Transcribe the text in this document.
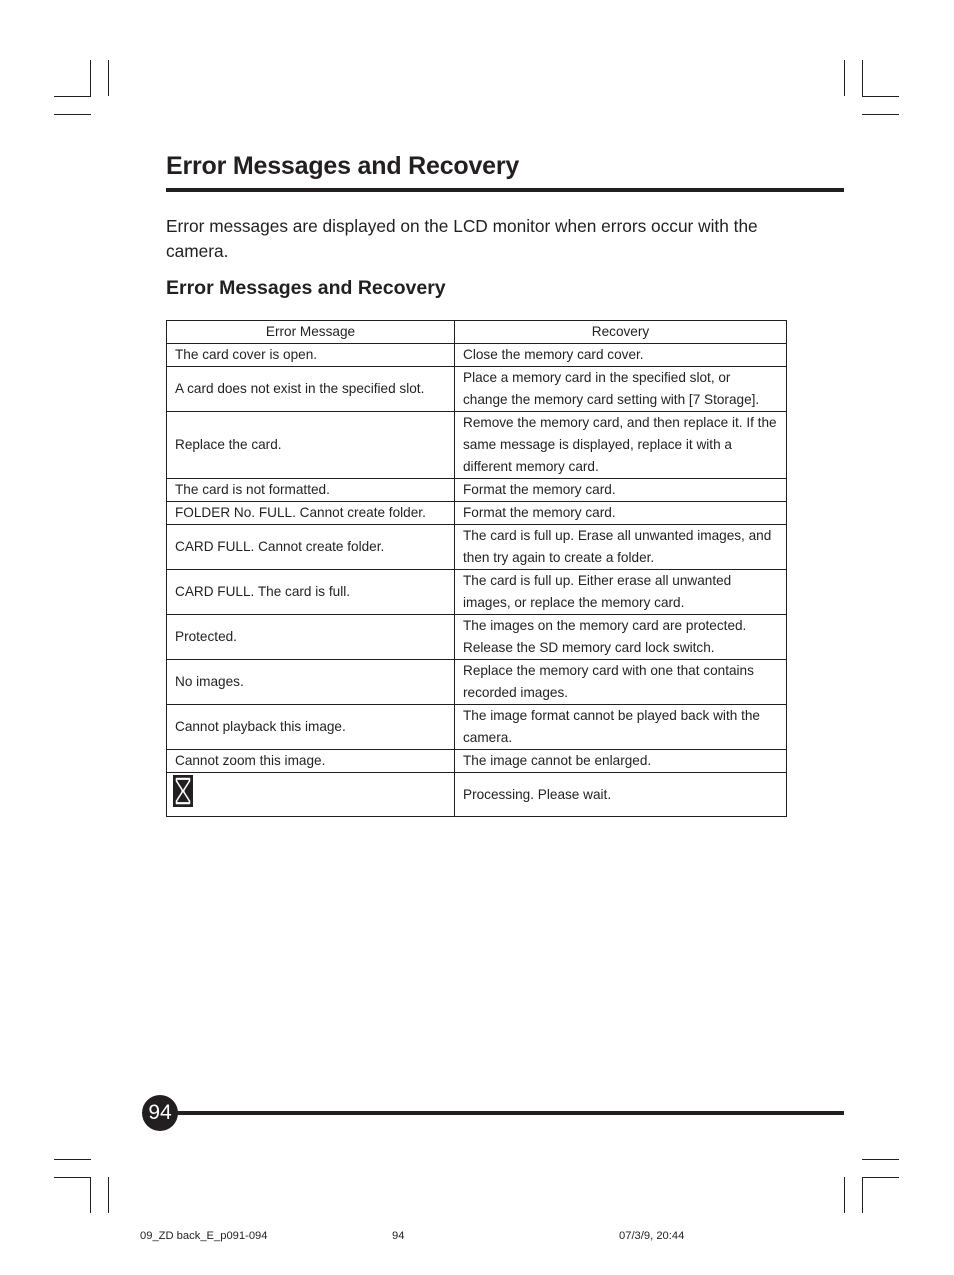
Error Messages and Recovery

Error messages are displayed on the LCD monitor when errors occur with the camera.

Error Messages and Recovery
Error Message	Recovery
The card cover is open.	Close the memory card cover.
A card does not exist in the specified slot.	Place a memory card in the specified slot, or change the memory card setting with [7 Storage].
Replace the card.	Remove the memory card, and then replace it. If the same message is displayed, replace it with a different memory card.
The card is not formatted.	Format the memory card.
FOLDER No. FULL. Cannot create folder.	Format the memory card.
CARD FULL. Cannot create folder.	The card is full up. Erase all unwanted images, and then try again to create a folder.
CARD FULL. The card is full.	The card is full up. Either erase all unwanted images, or replace the memory card.
Protected.	The images on the memory card are protected. Release the SD memory card lock switch.
No images.	Replace the memory card with one that contains recorded images.
Cannot playback this image.	The image format cannot be played back with the camera.
Cannot zoom this image.	The image cannot be enlarged.
	Processing. Please wait.
94
09_ZD back_E_p091-094	94	07/3/9, 20:44
